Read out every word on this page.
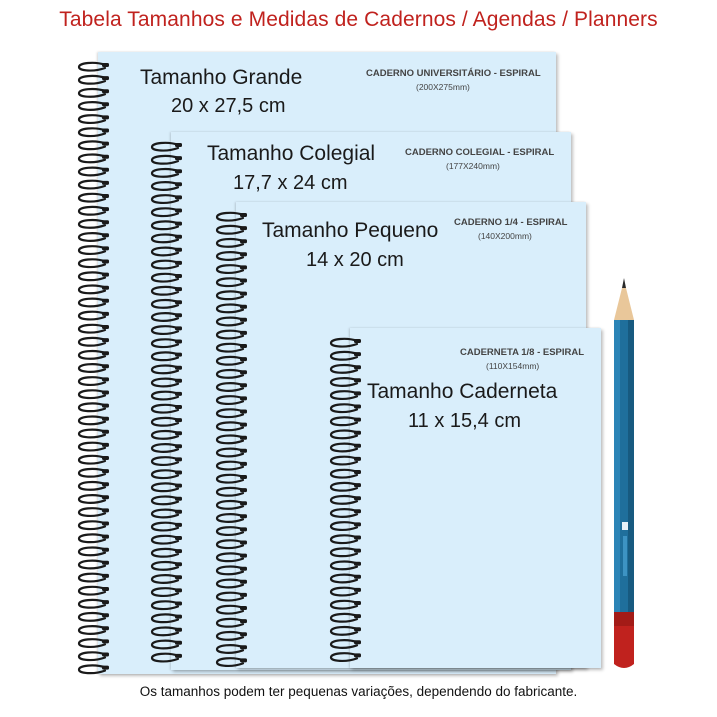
Tabela Tamanhos e Medidas de Cadernos / Agendas / Planners
Tamanho Grande
20 x 27,5 cm
CADERNO UNIVERSITÁRIO - ESPIRAL
(200X275mm)
Tamanho Colegial
17,7 x 24 cm
CADERNO COLEGIAL - ESPIRAL
(177X240mm)
Tamanho Pequeno
14 x 20 cm
CADERNO 1/4 - ESPIRAL
(140X200mm)
Tamanho Caderneta
11 x 15,4 cm
CADERNETA 1/8 - ESPIRAL
(110X154mm)
Os tamanhos podem ter pequenas variações, dependendo do fabricante.
